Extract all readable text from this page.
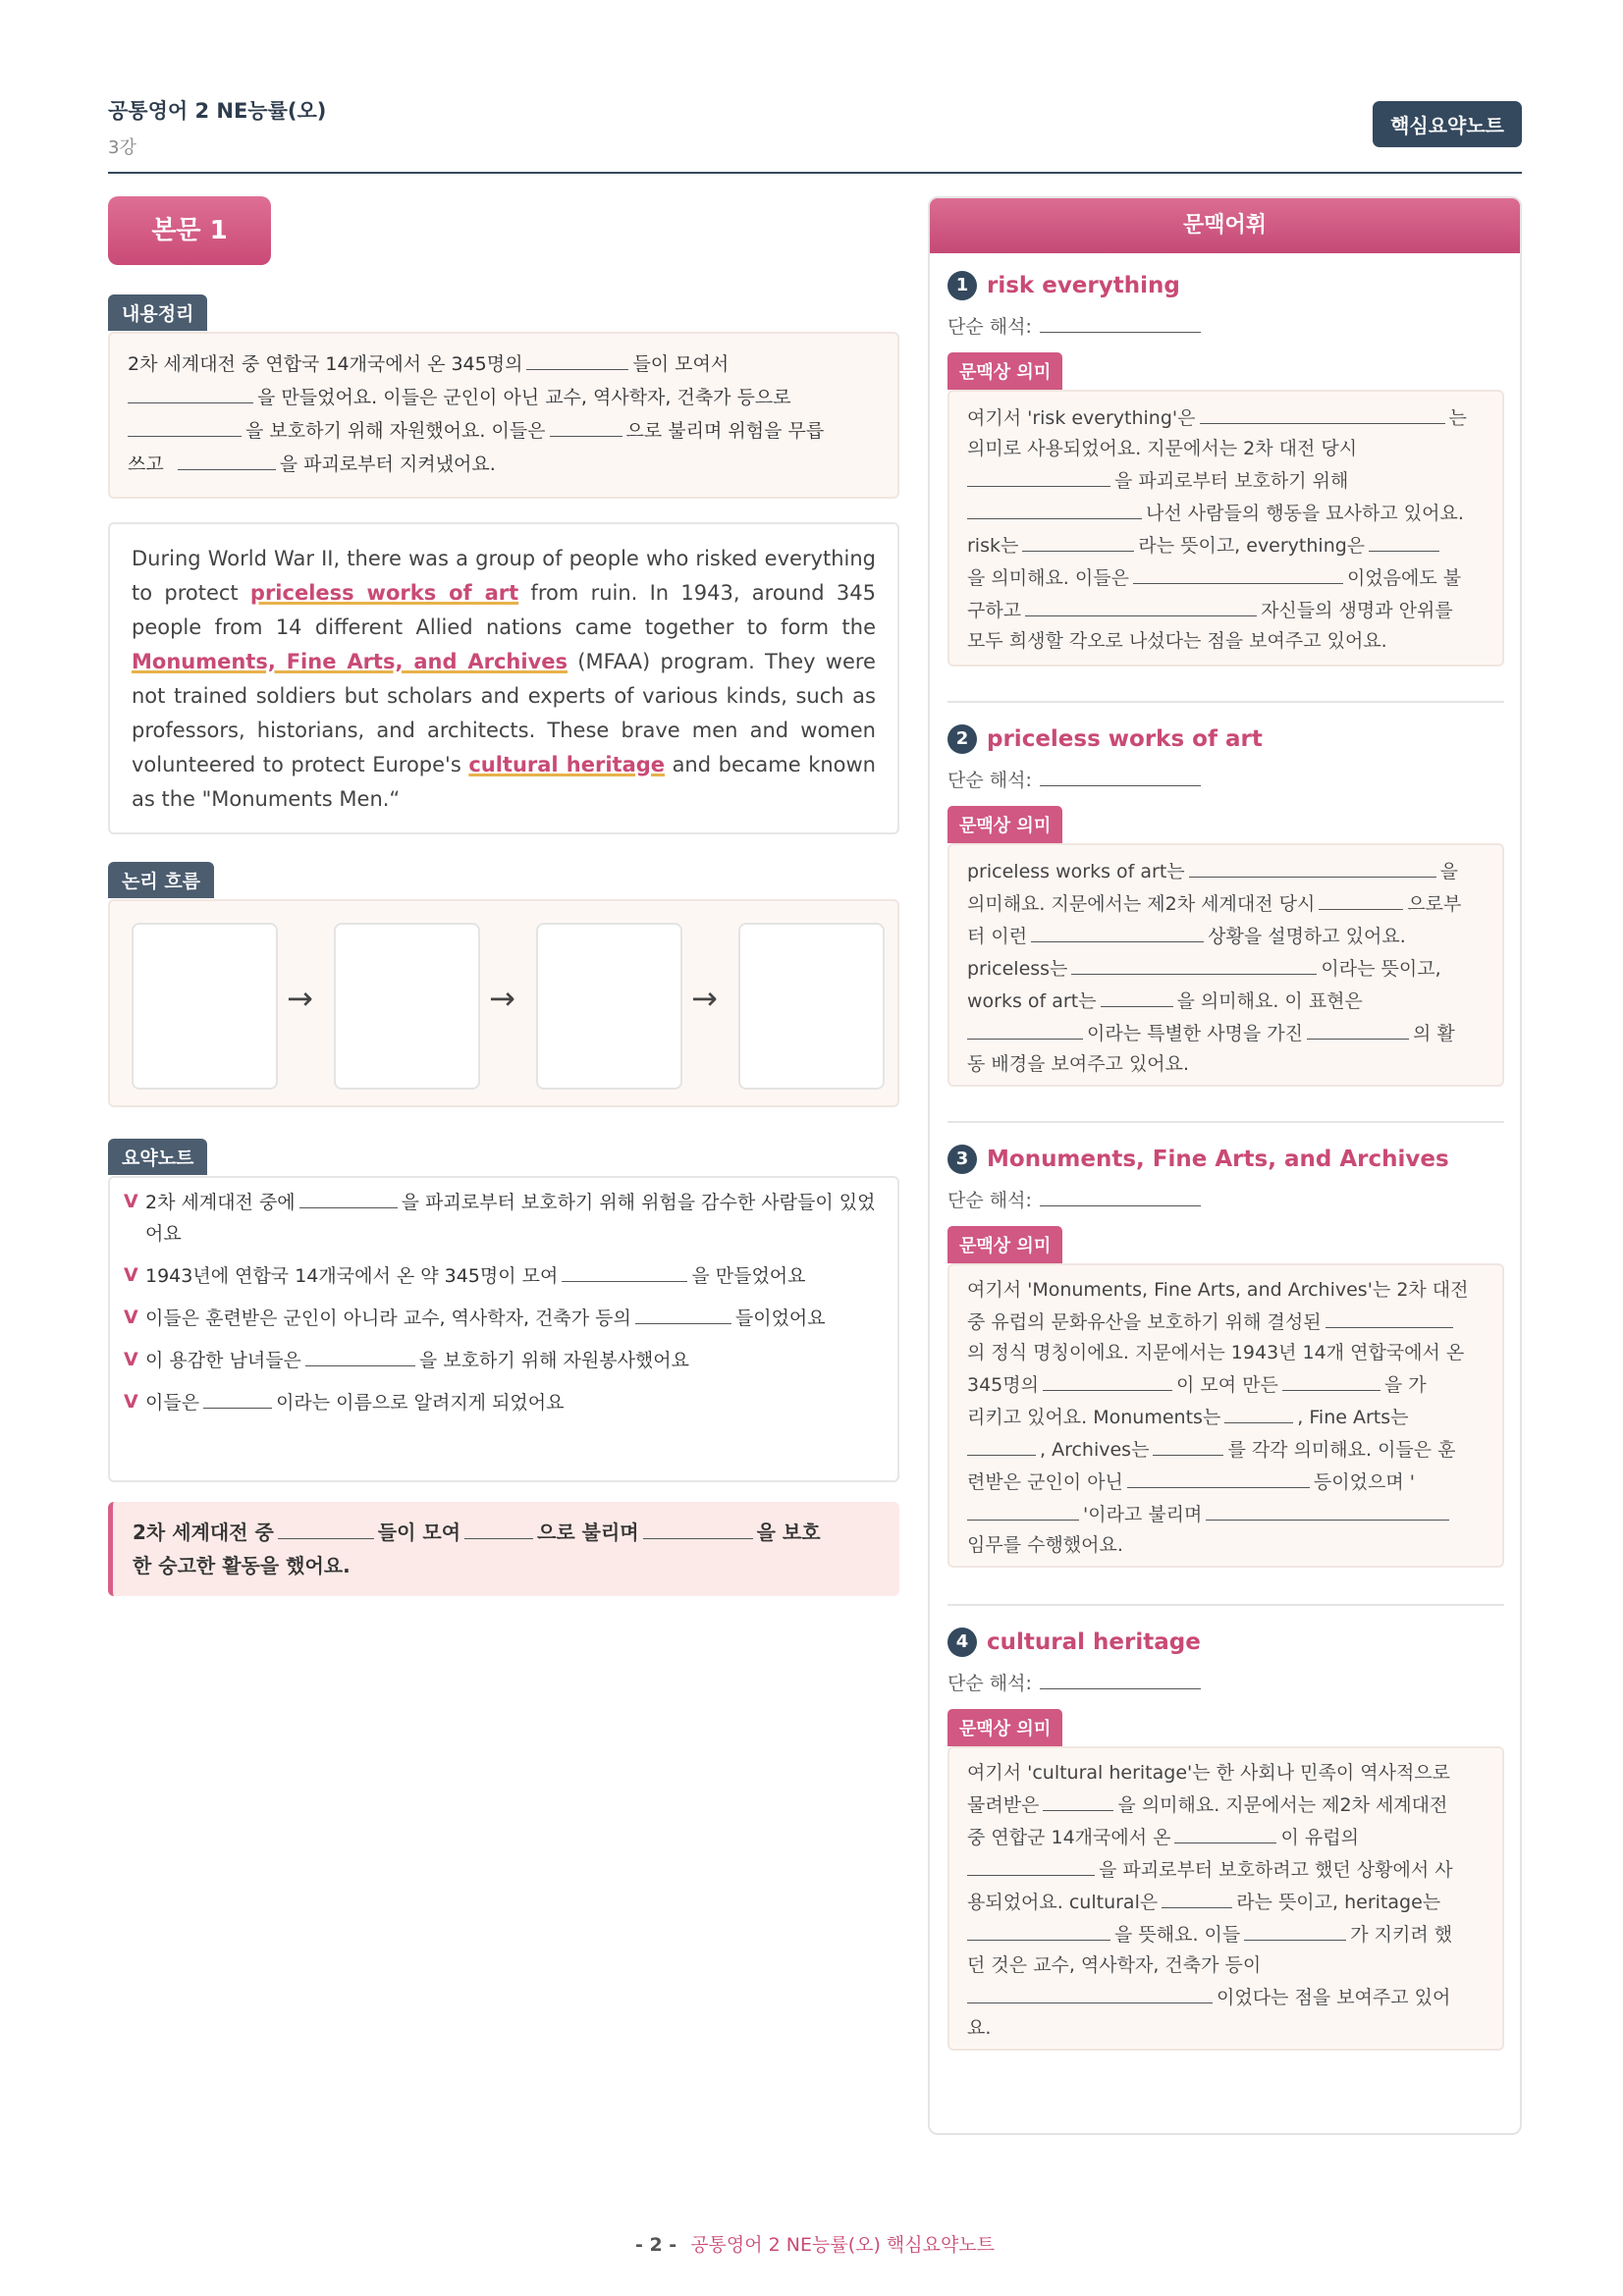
공통영어 2 NE능률(오)
3강
핵심요약노트
본문 1
내용정리
2차 세계대전 중 연합국 14개국에서 온 345명의	들이 모여서
을 만들었어요. 이들은 군인이 아닌 교수, 역사학자, 건축가 등으로
을 보호하기 위해 자원했어요. 이들은	으로 불리며 위험을 무릅
쓰고	을 파괴로부터 지켜냈어요.
During World War II, there was a group of people who risked everything to protect priceless works of art from ruin. In 1943, around 345 people from 14 different Allied nations came together to form the Monuments, Fine Arts, and Archives (MFAA) program. They were not trained soldiers but scholars and experts of various kinds, such as professors, historians, and architects. These brave men and women volunteered to protect Europe's cultural heritage and became known as the "Monuments Men.“
논리 흐름
→	→	→
요약노트
V 2차 세계대전 중에	을 파괴로부터 보호하기 위해 위험을 감수한 사람들이 있었어요
V 1943년에 연합국 14개국에서 온 약 345명이 모여	을 만들었어요
V 이들은 훈련받은 군인이 아니라 교수, 역사학자, 건축가 등의	들이었어요
V 이 용감한 남녀들은	을 보호하기 위해 자원봉사했어요
V 이들은	이라는 이름으로 알려지게 되었어요
2차 세계대전 중	들이 모여	으로 불리며	을 보호
한 숭고한 활동을 했어요.
문맥어휘
1 risk everything
단순 해석:
문맥상 의미
여기서 'risk everything'은	는
의미로 사용되었어요. 지문에서는 2차 대전 당시
을 파괴로부터 보호하기 위해
나선 사람들의 행동을 묘사하고 있어요.
risk는	라는 뜻이고, everything은
을 의미해요. 이들은	이었음에도 불
구하고	자신들의 생명과 안위를
모두 희생할 각오로 나섰다는 점을 보여주고 있어요.
2 priceless works of art
단순 해석:
문맥상 의미
priceless works of art는	을
의미해요. 지문에서는 제2차 세계대전 당시	으로부
터 이런	상황을 설명하고 있어요.
priceless는	이라는 뜻이고,
works of art는	을 의미해요. 이 표현은
이라는 특별한 사명을 가진	의 활
동 배경을 보여주고 있어요.
3 Monuments, Fine Arts, and Archives
단순 해석:
문맥상 의미
여기서 'Monuments, Fine Arts, and Archives'는 2차 대전
중 유럽의 문화유산을 보호하기 위해 결성된
의 정식 명칭이에요. 지문에서는 1943년 14개 연합국에서 온
345명의	이 모여 만든	을 가
리키고 있어요. Monuments는	, Fine Arts는
, Archives는	를 각각 의미해요. 이들은 훈
련받은 군인이 아닌	등이었으며 '
'이라고 불리며
임무를 수행했어요.
4 cultural heritage
단순 해석:
문맥상 의미
여기서 'cultural heritage'는 한 사회나 민족이 역사적으로
물려받은	을 의미해요. 지문에서는 제2차 세계대전
중 연합군 14개국에서 온	이 유럽의
을 파괴로부터 보호하려고 했던 상황에서 사
용되었어요. cultural은	라는 뜻이고, heritage는
을 뜻해요. 이들	가 지키려 했
던 것은 교수, 역사학자, 건축가 등이
이었다는 점을 보여주고 있어
요.
- 2 - 공통영어 2 NE능률(오) 핵심요약노트
